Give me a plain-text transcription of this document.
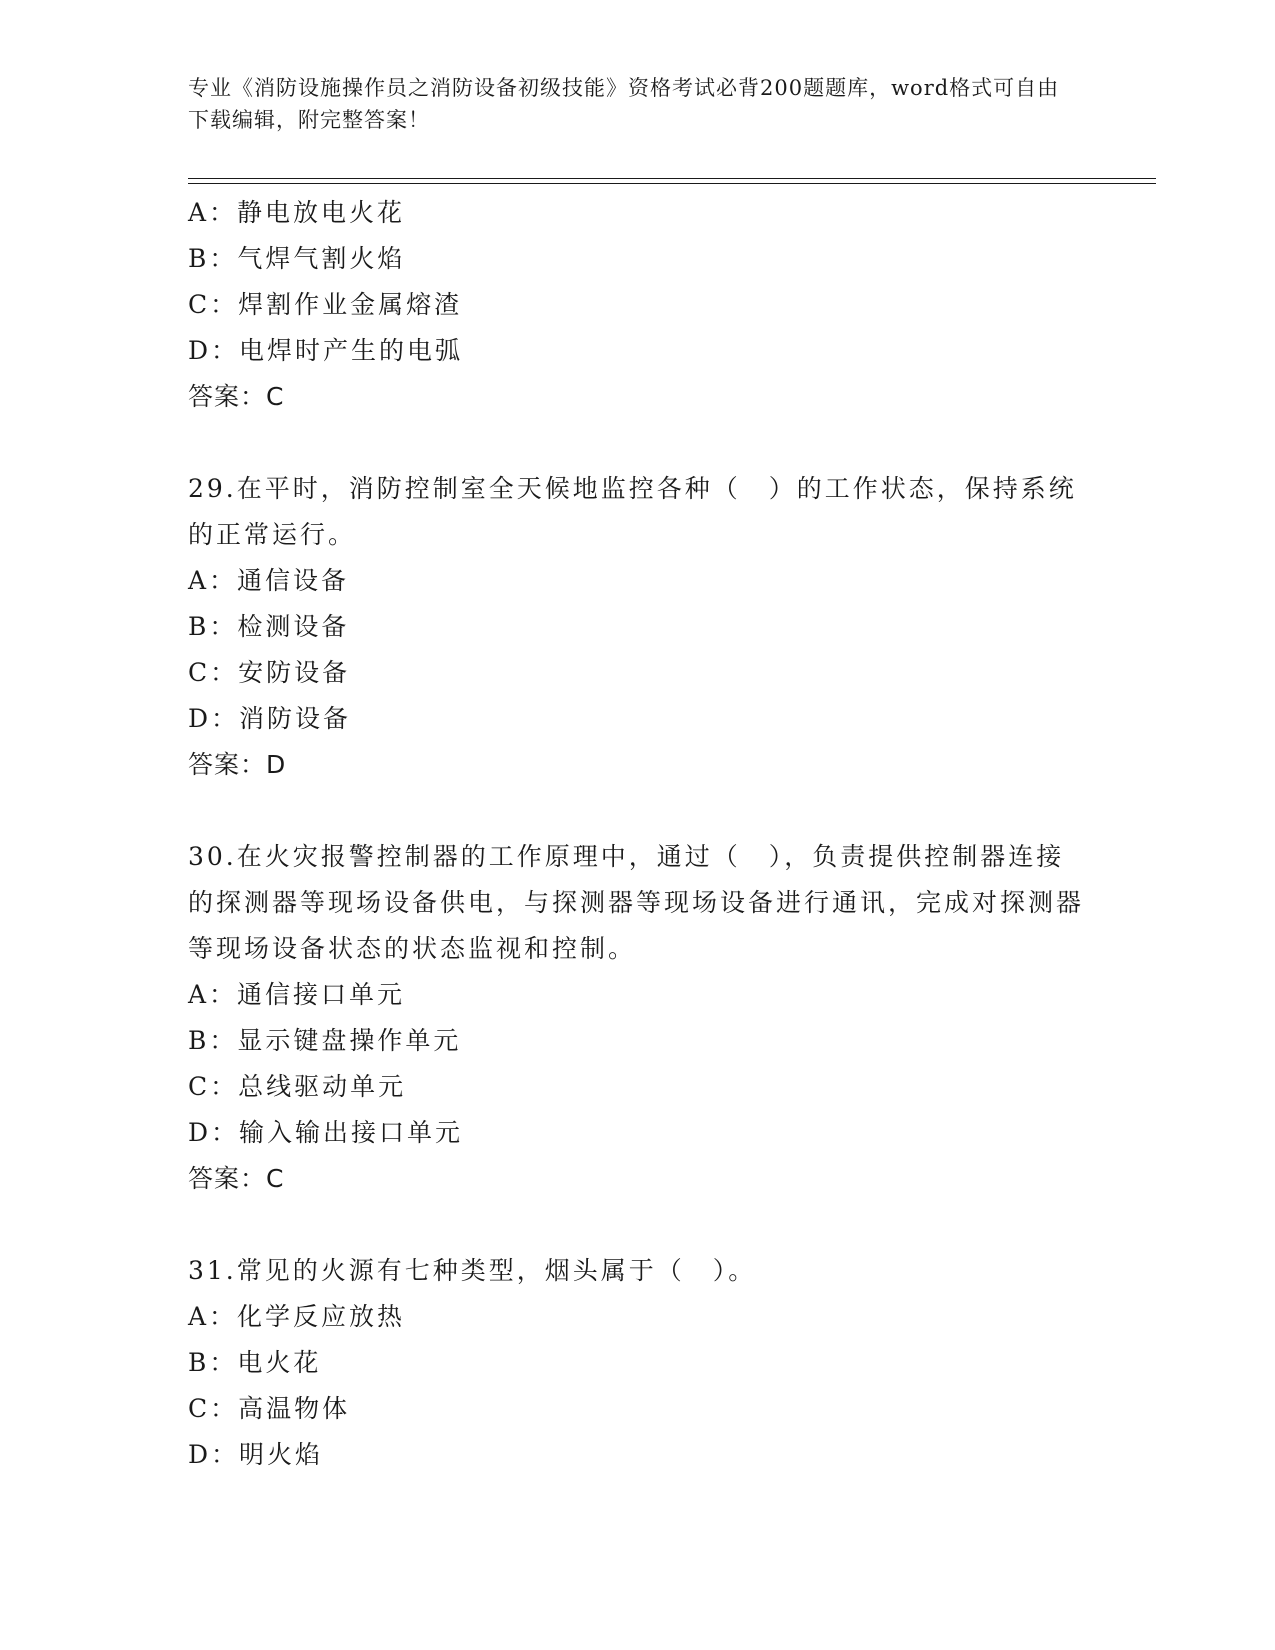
专业《消防设施操作员之消防设备初级技能》资格考试必背200题题库，word格式可自由下载编辑，附完整答案！
A：静电放电火花
B：气焊气割火焰
C：焊割作业金属熔渣
D：电焊时产生的电弧
答案：C
29.在平时，消防控制室全天候地监控各种（　）的工作状态，保持系统的正常运行。
A：通信设备
B：检测设备
C：安防设备
D：消防设备
答案：D
30.在火灾报警控制器的工作原理中，通过（　），负责提供控制器连接的探测器等现场设备供电，与探测器等现场设备进行通讯，完成对探测器等现场设备状态的状态监视和控制。
A：通信接口单元
B：显示键盘操作单元
C：总线驱动单元
D：输入输出接口单元
答案：C
31.常见的火源有七种类型，烟头属于（　）。
A：化学反应放热
B：电火花
C：高温物体
D：明火焰
